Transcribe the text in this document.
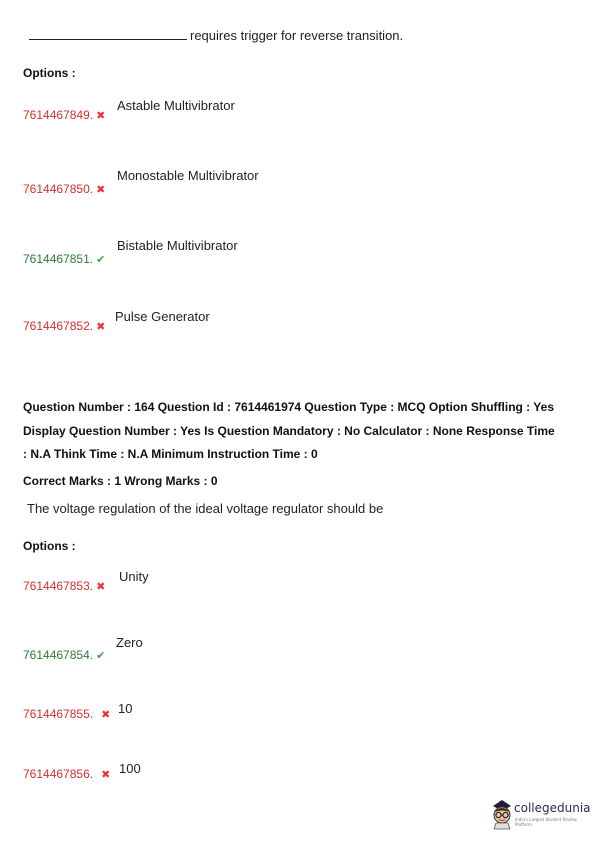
requires trigger for reverse transition.
Options :
7614467849. ✖
Astable Multivibrator
7614467850. ✖
Monostable Multivibrator
7614467851. ✔
Bistable Multivibrator
7614467852. ✖
Pulse Generator
Question Number : 164 Question Id : 7614461974 Question Type : MCQ Option Shuffling : Yes
Display Question Number : Yes Is Question Mandatory : No Calculator : None Response Time
: N.A Think Time : N.A Minimum Instruction Time : 0
Correct Marks : 1 Wrong Marks : 0
The voltage regulation of the ideal voltage regulator should be
Options :
7614467853. ✖
Unity
7614467854. ✔
Zero
7614467855. ✖ 10
7614467856. ✖ 100
collegedunia
India's Largest Student Review Platform
